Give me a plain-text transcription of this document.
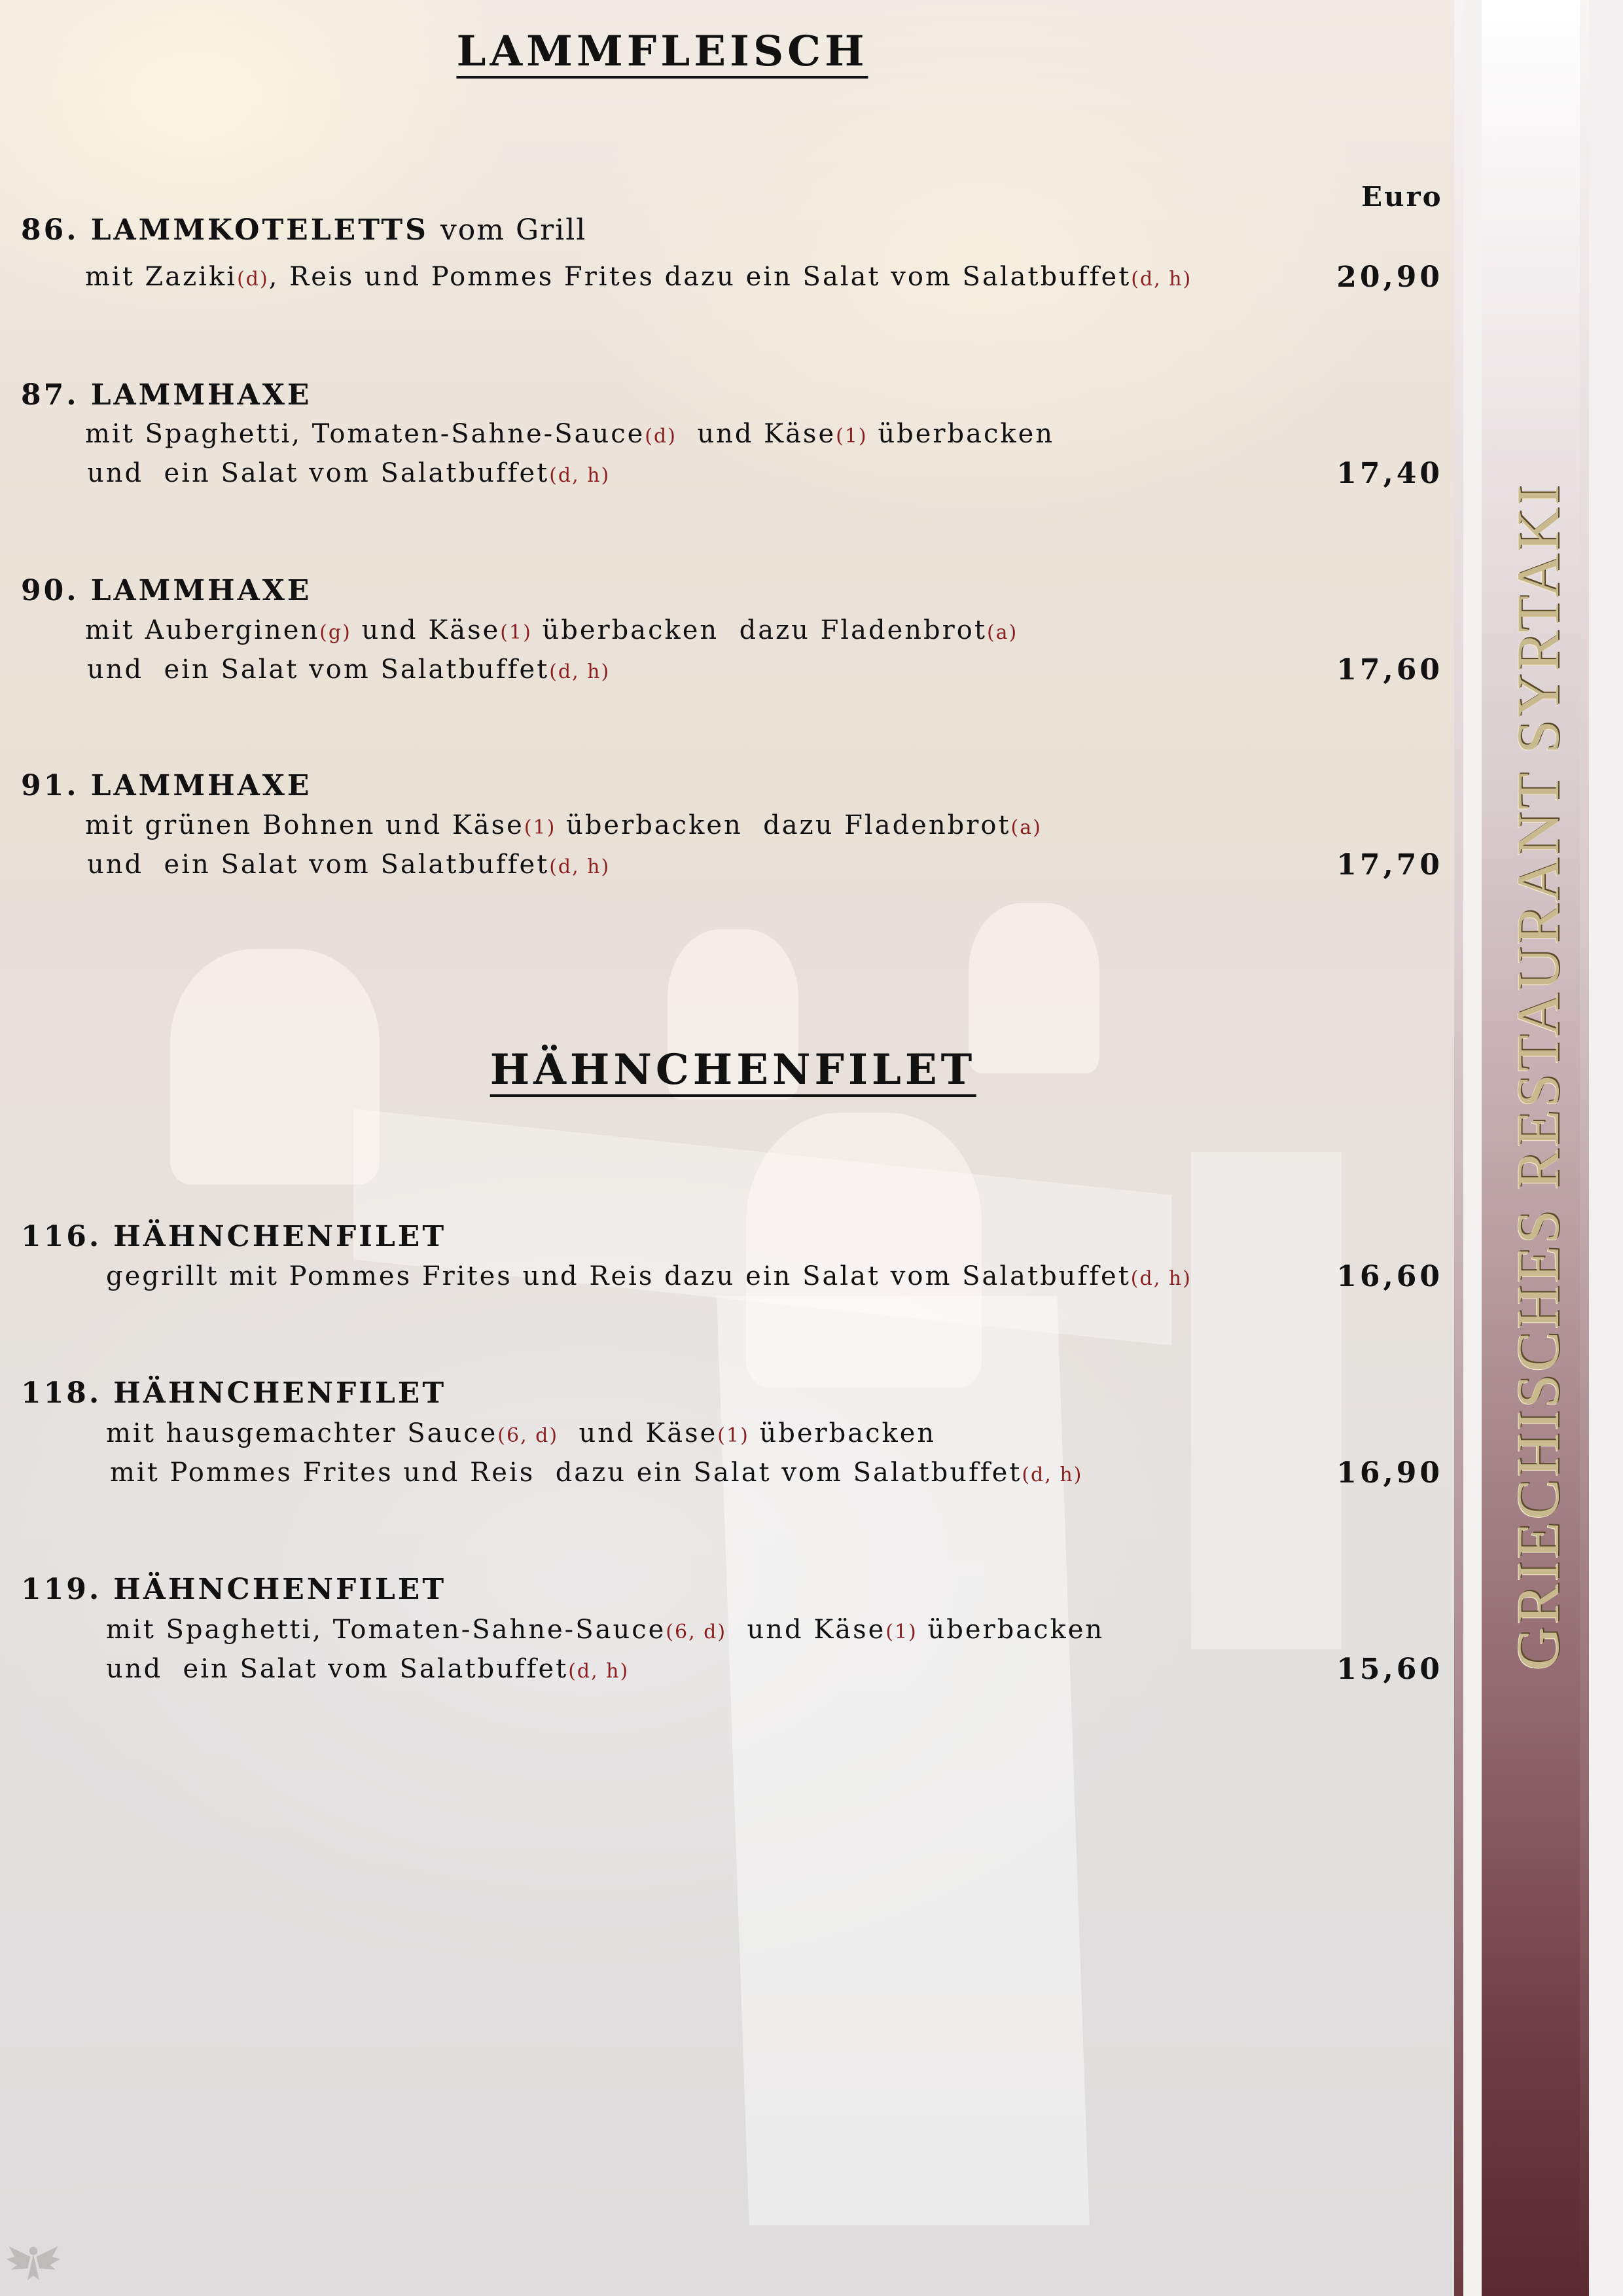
GRIECHISCHES RESTAURANT SYRTAKI
LAMMFLEISCH
HÄHNCHENFILET
Euro
86. LAMMKOTELETTS vom Grill
mit Zaziki(d), Reis und Pommes Frites dazu ein Salat vom Salatbuffet(d, h)	20,90
87. LAMMHAXE
mit Spaghetti, Tomaten-Sahne-Sauce(d)  und Käse(1) überbacken
und  ein Salat vom Salatbuffet(d, h)	17,40
90. LAMMHAXE
mit Auberginen(g) und Käse(1) überbacken  dazu Fladenbrot(a)
und  ein Salat vom Salatbuffet(d, h)	17,60
91. LAMMHAXE
mit grünen Bohnen und Käse(1) überbacken  dazu Fladenbrot(a)
und  ein Salat vom Salatbuffet(d, h)	17,70
116. HÄHNCHENFILET
gegrillt mit Pommes Frites und Reis dazu ein Salat vom Salatbuffet(d, h)	16,60
118. HÄHNCHENFILET
mit hausgemachter Sauce(6, d)  und Käse(1) überbacken
mit Pommes Frites und Reis  dazu ein Salat vom Salatbuffet(d, h)	16,90
119. HÄHNCHENFILET
mit Spaghetti, Tomaten-Sahne-Sauce(6, d)  und Käse(1) überbacken
und  ein Salat vom Salatbuffet(d, h)	15,60
